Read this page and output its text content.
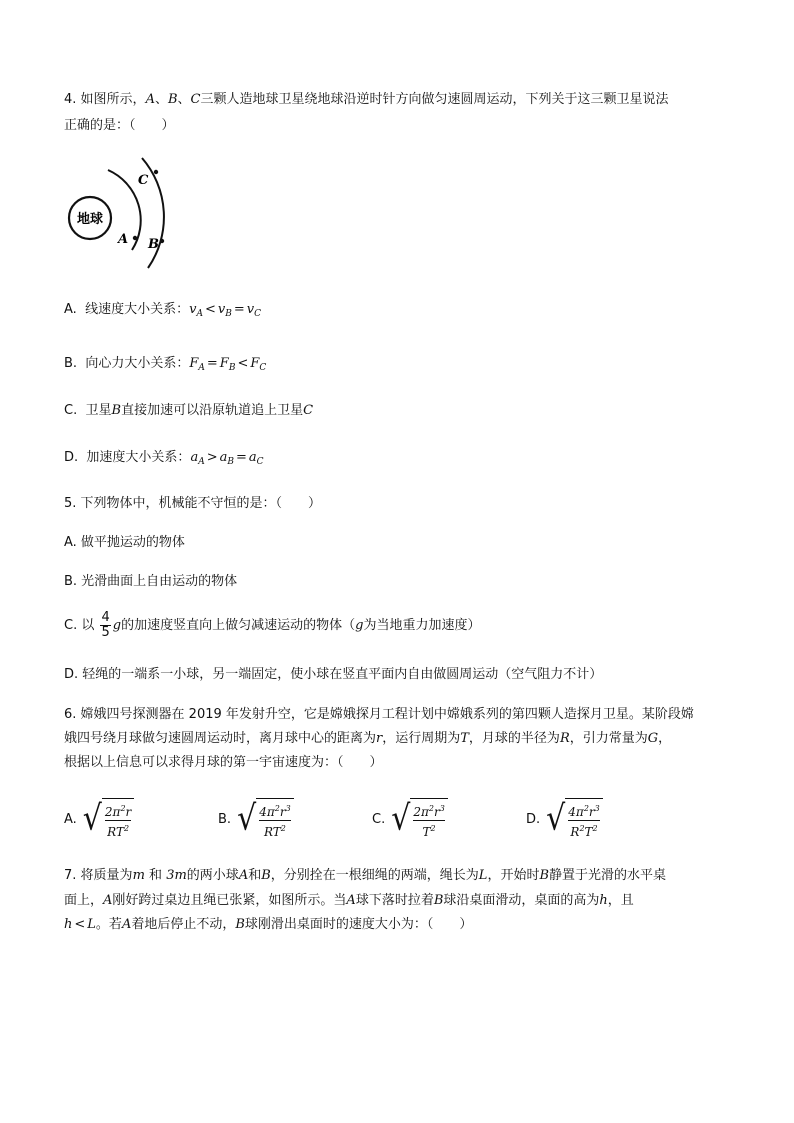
4. 如图所示，A、B、C三颗人造地球卫星绕地球沿逆时针方向做匀速圆周运动，下列关于这三颗卫星说法
正确的是：（　　）
地球
A B
C
A. 线速度大小关系：$v_A < v_B = v_C$
B. 向心力大小关系：$F_A = F_B < F_C$
C. 卫星B直接加速可以沿原轨道追上卫星C
D. 加速度大小关系：$a_A > a_B = a_C$
5. 下列物体中，机械能不守恒的是：（　　）
A. 做平抛运动的物体
B. 光滑曲面上自由运动的物体
C. 以 $\frac{4}{5}$ g的加速度竖直向上做匀减速运动的物体（g为当地重力加速度）
D. 轻绳的一端系一小球，另一端固定，使小球在竖直平面内自由做圆周运动（空气阻力不计）
6. 嫦娥四号探测器在 2019 年发射升空，它是嫦娥探月工程计划中嫦娥系列的第四颗人造探月卫星。某阶段嫦
娥四号绕月球做匀速圆周运动时，离月球中心的距离为r，运行周期为T，月球的半径为R，引力常量为G，
根据以上信息可以求得月球的第一宇宙速度为：（　　）
A. √ $2\pi^2r$
$RT^2$
B. √ $4\pi^2r^3$
$RT^2$
C. √ $2\pi^2r^3$
$T^2$
D. √ $4\pi^2r^3$
$R^2T^2$
7. 将质量为m 和 3m的两小球A和B，分别拴在一根细绳的两端，绳长为L，开始时B静置于光滑的水平桌
面上，A刚好跨过桌边且绳已张紧，如图所示。当A球下落时拉着B球沿桌面滑动，桌面的高为h，且
h < L。若A着地后停止不动，B球刚滑出桌面时的速度大小为：（　　）
